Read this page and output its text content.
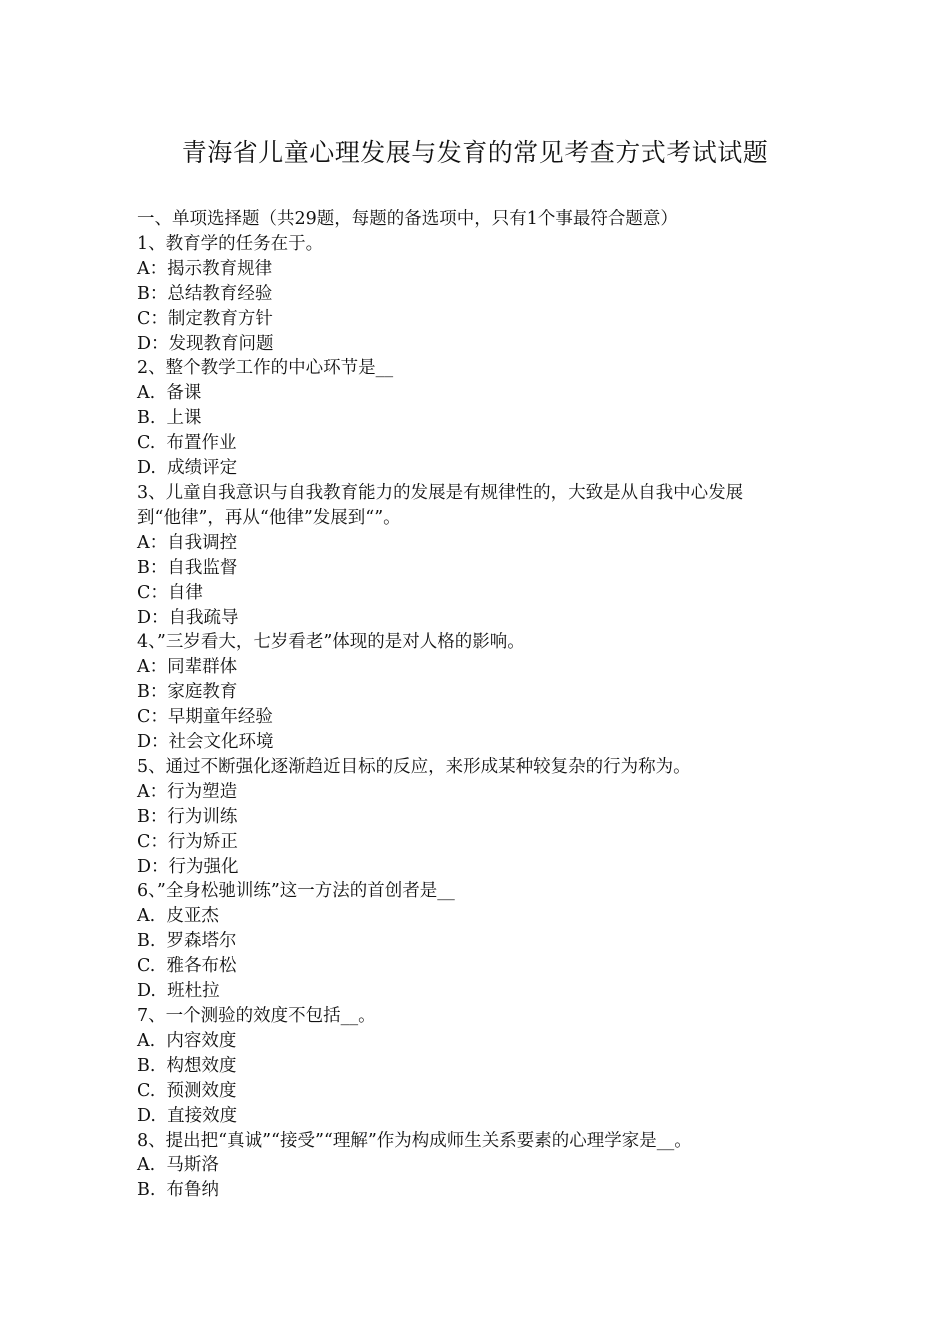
青海省儿童心理发展与发育的常见考查方式考试试题
一、单项选择题（共29题，每题的备选项中，只有1个事最符合题意）
1、教育学的任务在于。
A：揭示教育规律
B：总结教育经验
C：制定教育方针
D：发现教育问题
2、整个教学工作的中心环节是__
A.  备课
B.  上课
C.  布置作业
D.  成绩评定
3、儿童自我意识与自我教育能力的发展是有规律性的，大致是从自我中心发展
到“他律”，再从“他律”发展到“”。
A：自我调控
B：自我监督
C：自律
D：自我疏导
4、”三岁看大，七岁看老”体现的是对人格的影响。
A：同辈群体
B：家庭教育
C：早期童年经验
D：社会文化环境
5、通过不断强化逐渐趋近目标的反应，来形成某种较复杂的行为称为。
A：行为塑造
B：行为训练
C：行为矫正
D：行为强化
6、”全身松驰训练”这一方法的首创者是__
A.  皮亚杰
B.  罗森塔尔
C.  雅各布松
D.  班杜拉
7、一个测验的效度不包括__。
A.  内容效度
B.  构想效度
C.  预测效度
D.  直接效度
8、提出把“真诚”“接受”“理解”作为构成师生关系要素的心理学家是__。
A.  马斯洛
B.  布鲁纳
